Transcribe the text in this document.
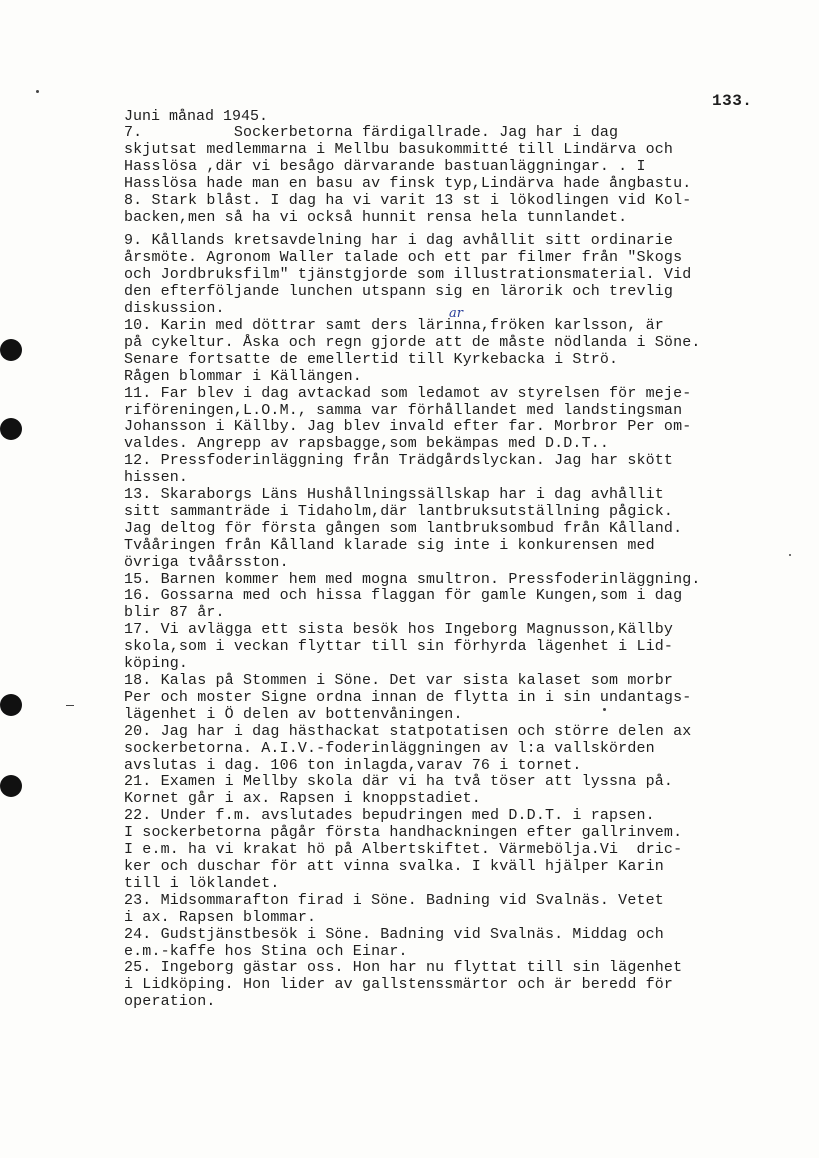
133.
Juni månad 1945.
ar
7.          Sockerbetorna färdigallrade. Jag har i dag
skjutsat medlemmarna i Mellbu basukommitté till Lindärva och
Hasslösa ,där vi besågo därvarande bastuanläggningar. . I
Hasslösa hade man en basu av finsk typ,Lindärva hade ångbastu.
8. Stark blåst. I dag ha vi varit 13 st i lökodlingen vid Kol-
backen,men så ha vi också hunnit rensa hela tunnlandet.
9. Kållands kretsavdelning har i dag avhållit sitt ordinarie
årsmöte. Agronom Waller talade och ett par filmer från "Skogs
och Jordbruksfilm" tjänstgjorde som illustrationsmaterial. Vid
den efterföljande lunchen utspann sig en lärorik och trevlig
diskussion.
10. Karin med döttrar samt ders lärinna,fröken karlsson, är
på cykeltur. Åska och regn gjorde att de måste nödlanda i Söne.
Senare fortsatte de emellertid till Kyrkebacka i Strö.
Rågen blommar i Källängen.
11. Far blev i dag avtackad som ledamot av styrelsen för meje-
riföreningen,L.O.M., samma var förhållandet med landstingsman
Johansson i Källby. Jag blev invald efter far. Morbror Per om-
valdes. Angrepp av rapsbagge,som bekämpas med D.D.T..
12. Pressfoderinläggning från Trädgårdslyckan. Jag har skött
hissen.
13. Skaraborgs Läns Hushållningssällskap har i dag avhållit
sitt sammanträde i Tidaholm,där lantbruksutställning pågick.
Jag deltog för första gången som lantbruksombud från Kålland.
Tvååringen från Kålland klarade sig inte i konkurensen med
övriga tvåårsston.
15. Barnen kommer hem med mogna smultron. Pressfoderinläggning.
16. Gossarna med och hissa flaggan för gamle Kungen,som i dag
blir 87 år.
17. Vi avlägga ett sista besök hos Ingeborg Magnusson,Källby
skola,som i veckan flyttar till sin förhyrda lägenhet i Lid-
köping.
18. Kalas på Stommen i Söne. Det var sista kalaset som morbr
Per och moster Signe ordna innan de flytta in i sin undantags-
lägenhet i Ö delen av bottenvåningen.
20. Jag har i dag hästhackat statpotatisen och större delen ax
sockerbetorna. A.I.V.-foderinläggningen av l:a vallskörden
avslutas i dag. 106 ton inlagda,varav 76 i tornet.
21. Examen i Mellby skola där vi ha två töser att lyssna på.
Kornet går i ax. Rapsen i knoppstadiet.
22. Under f.m. avslutades bepudringen med D.D.T. i rapsen.
I sockerbetorna pågår första handhackningen efter gallrinvem.
I e.m. ha vi krakat hö på Albertskiftet. Värmebölja.Vi  dric-
ker och duschar för att vinna svalka. I kväll hjälper Karin
till i löklandet.
23. Midsommarafton firad i Söne. Badning vid Svalnäs. Vetet
i ax. Rapsen blommar.
24. Gudstjänstbesök i Söne. Badning vid Svalnäs. Middag och
e.m.-kaffe hos Stina och Einar.
25. Ingeborg gästar oss. Hon har nu flyttat till sin lägenhet
i Lidköping. Hon lider av gallstenssmärtor och är beredd för
operation.
